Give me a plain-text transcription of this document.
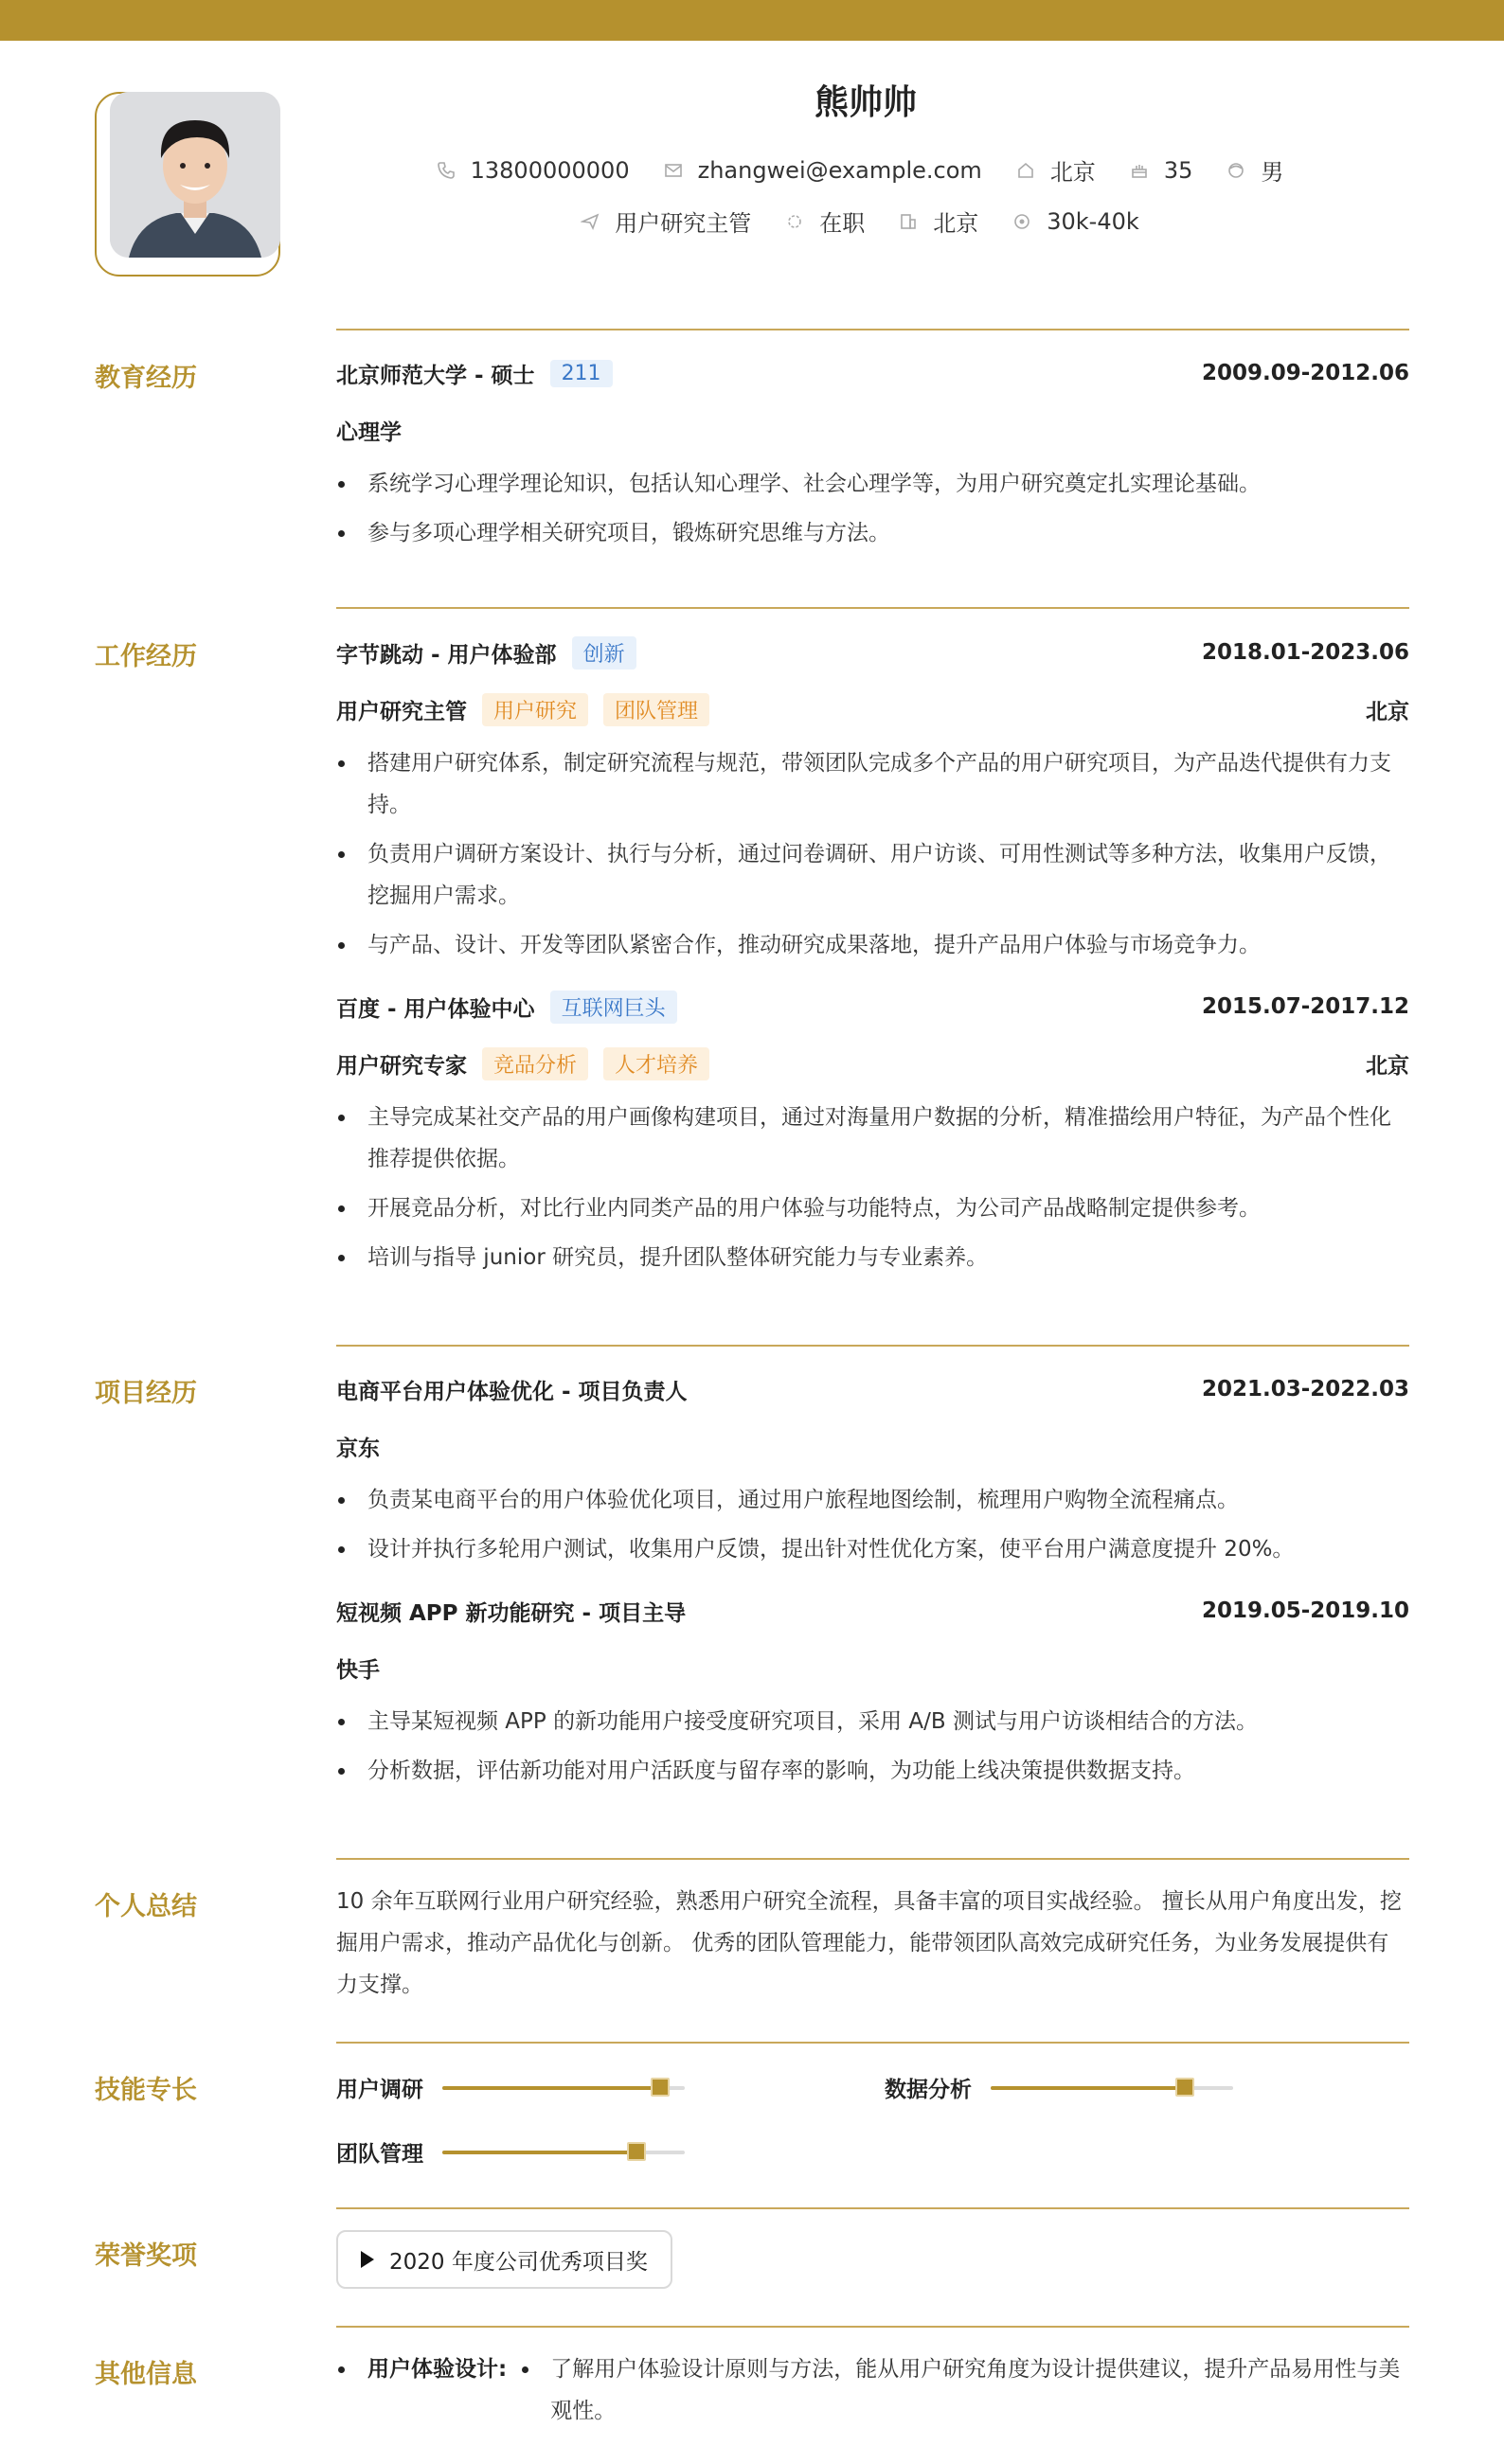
熊帅帅
13800000000	zhangwei@example.com	北京	35	男
用户研究主管	在职	北京	30k-40k
教育经历	北京师范大学 - 硕士	211	2009.09-2012.06
心理学
系统学习心理学理论知识，包括认知心理学、社会心理学等，为用户研究奠定扎实理论基础。
参与多项心理学相关研究项目，锻炼研究思维与方法。
工作经历	字节跳动 - 用户体验部	创新	2018.01-2023.06
用户研究主管	用户研究	团队管理	北京
搭建用户研究体系，制定研究流程与规范，带领团队完成多个产品的用户研究项目，为产品迭代提供有力支持。
负责用户调研方案设计、执行与分析，通过问卷调研、用户访谈、可用性测试等多种方法，收集用户反馈，挖掘用户需求。
与产品、设计、开发等团队紧密合作，推动研究成果落地，提升产品用户体验与市场竞争力。
百度 - 用户体验中心	互联网巨头	2015.07-2017.12
用户研究专家	竞品分析	人才培养	北京
主导完成某社交产品的用户画像构建项目，通过对海量用户数据的分析，精准描绘用户特征，为产品个性化推荐提供依据。
开展竞品分析，对比行业内同类产品的用户体验与功能特点，为公司产品战略制定提供参考。
培训与指导 junior 研究员，提升团队整体研究能力与专业素养。
项目经历	电商平台用户体验优化 - 项目负责人	2021.03-2022.03
京东
负责某电商平台的用户体验优化项目，通过用户旅程地图绘制，梳理用户购物全流程痛点。
设计并执行多轮用户测试，收集用户反馈，提出针对性优化方案，使平台用户满意度提升 20%。
短视频 APP 新功能研究 - 项目主导	2019.05-2019.10
快手
主导某短视频 APP 的新功能用户接受度研究项目，采用 A/B 测试与用户访谈相结合的方法。
分析数据，评估新功能对用户活跃度与留存率的影响，为功能上线决策提供数据支持。
个人总结	10 余年互联网行业用户研究经验，熟悉用户研究全流程，具备丰富的项目实战经验。 擅长从用户角度出发，挖掘用户需求，推动产品优化与创新。 优秀的团队管理能力，能带领团队高效完成研究任务，为业务发展提供有力支撑。
技能专长	用户调研	数据分析
团队管理
荣誉奖项	2020 年度公司优秀项目奖
其他信息	用户体验设计:	了解用户体验设计原则与方法，能从用户研究角度为设计提供建议，提升产品易用性与美观性。
